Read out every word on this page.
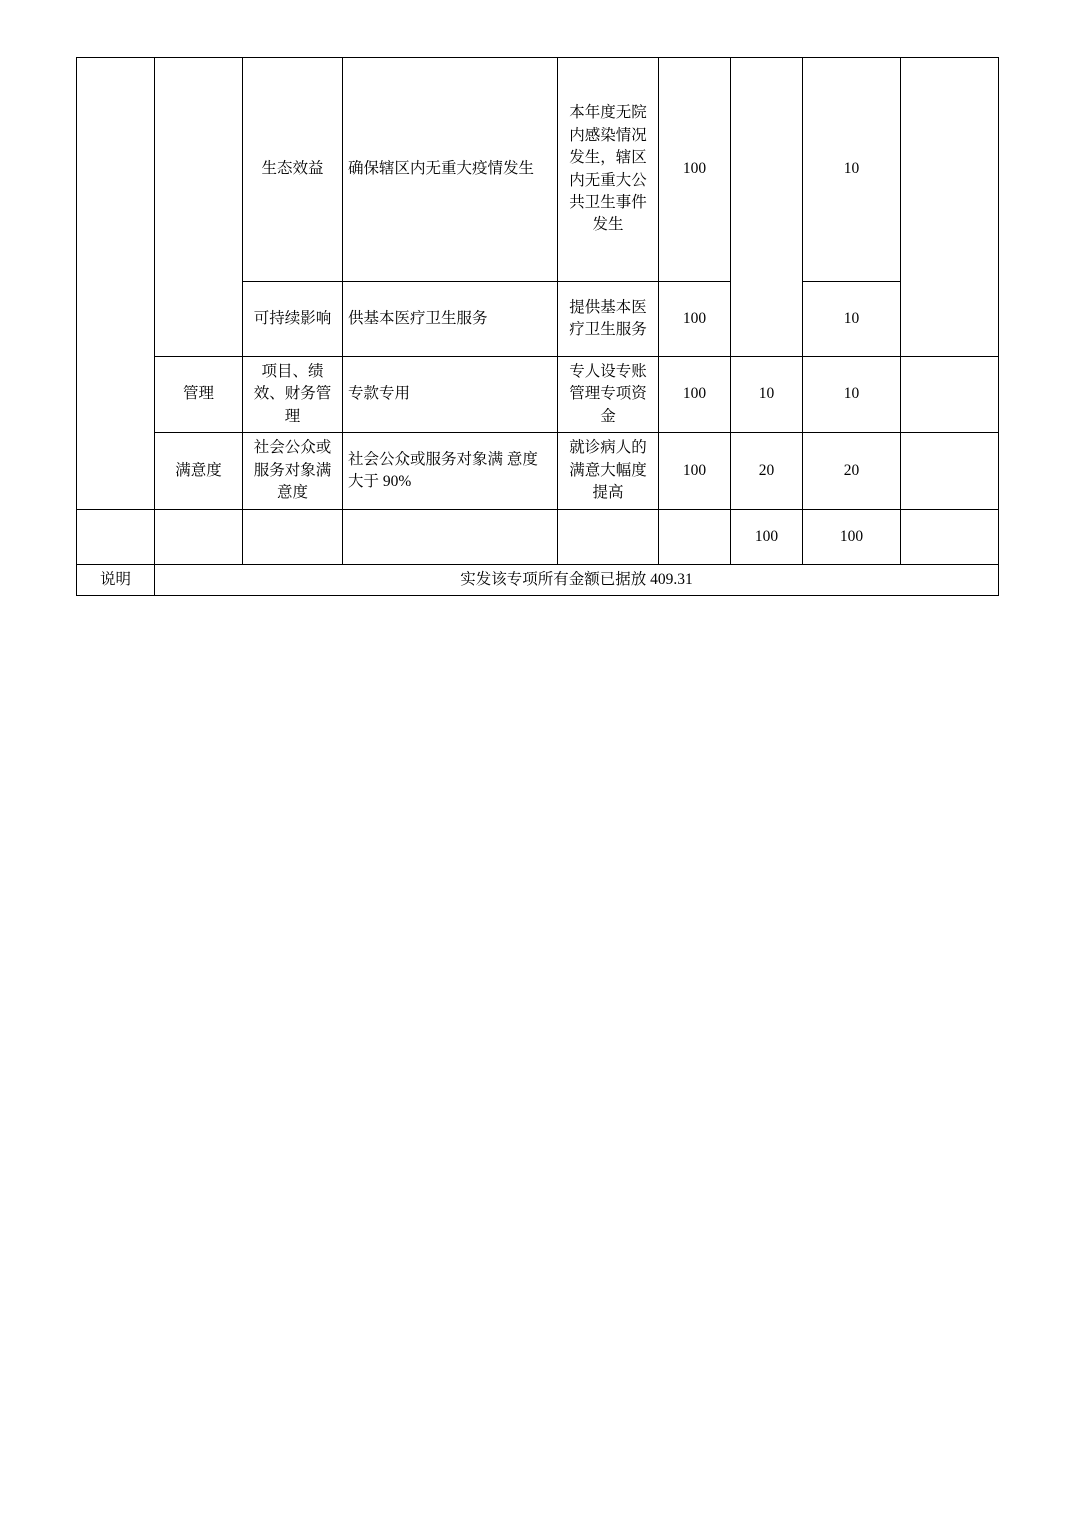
		生态效益	确保辖区内无重大疫情发生	本年度无院内感染情况发生，辖区内无重大公共卫生事件发生	100		10	
		可持续影响	供基本医疗卫生服务	提供基本医疗卫生服务	100		10	
	管理	项目、绩效、财务管理	专款专用	专人设专账管理专项资金	100	10	10	
	满意度	社会公众或服务对象满意度	社会公众或服务对象满 意度大于 90%	就诊病人的满意大幅度提高	100	20	20	
						100	100	
说明	实发该专项所有金额已据放 409.31							
